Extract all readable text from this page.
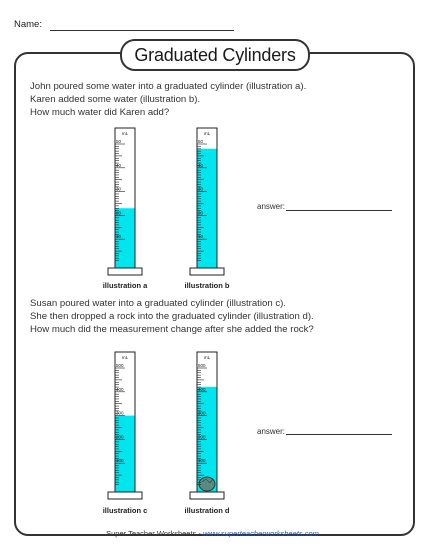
Name:
Graduated Cylinders
John poured some water into a graduated cylinder (illustration a).
Karen added some water (illustration b).
How much water did Karen add?
Susan poured water into a graduated cylinder (illustration c).
She then dropped a rock into the graduated cylinder (illustration d).
How much did the measurement change after she added the rock?
mL
10
20
30
40
50
mL
10
20
30
40
50
mL
100
200
300
400
500
mL
100
200
300
400
500
illustration a	illustration b
illustration c	illustration d
answer:
answer:
Super Teacher Worksheets - www.superteacherworksheets.com
